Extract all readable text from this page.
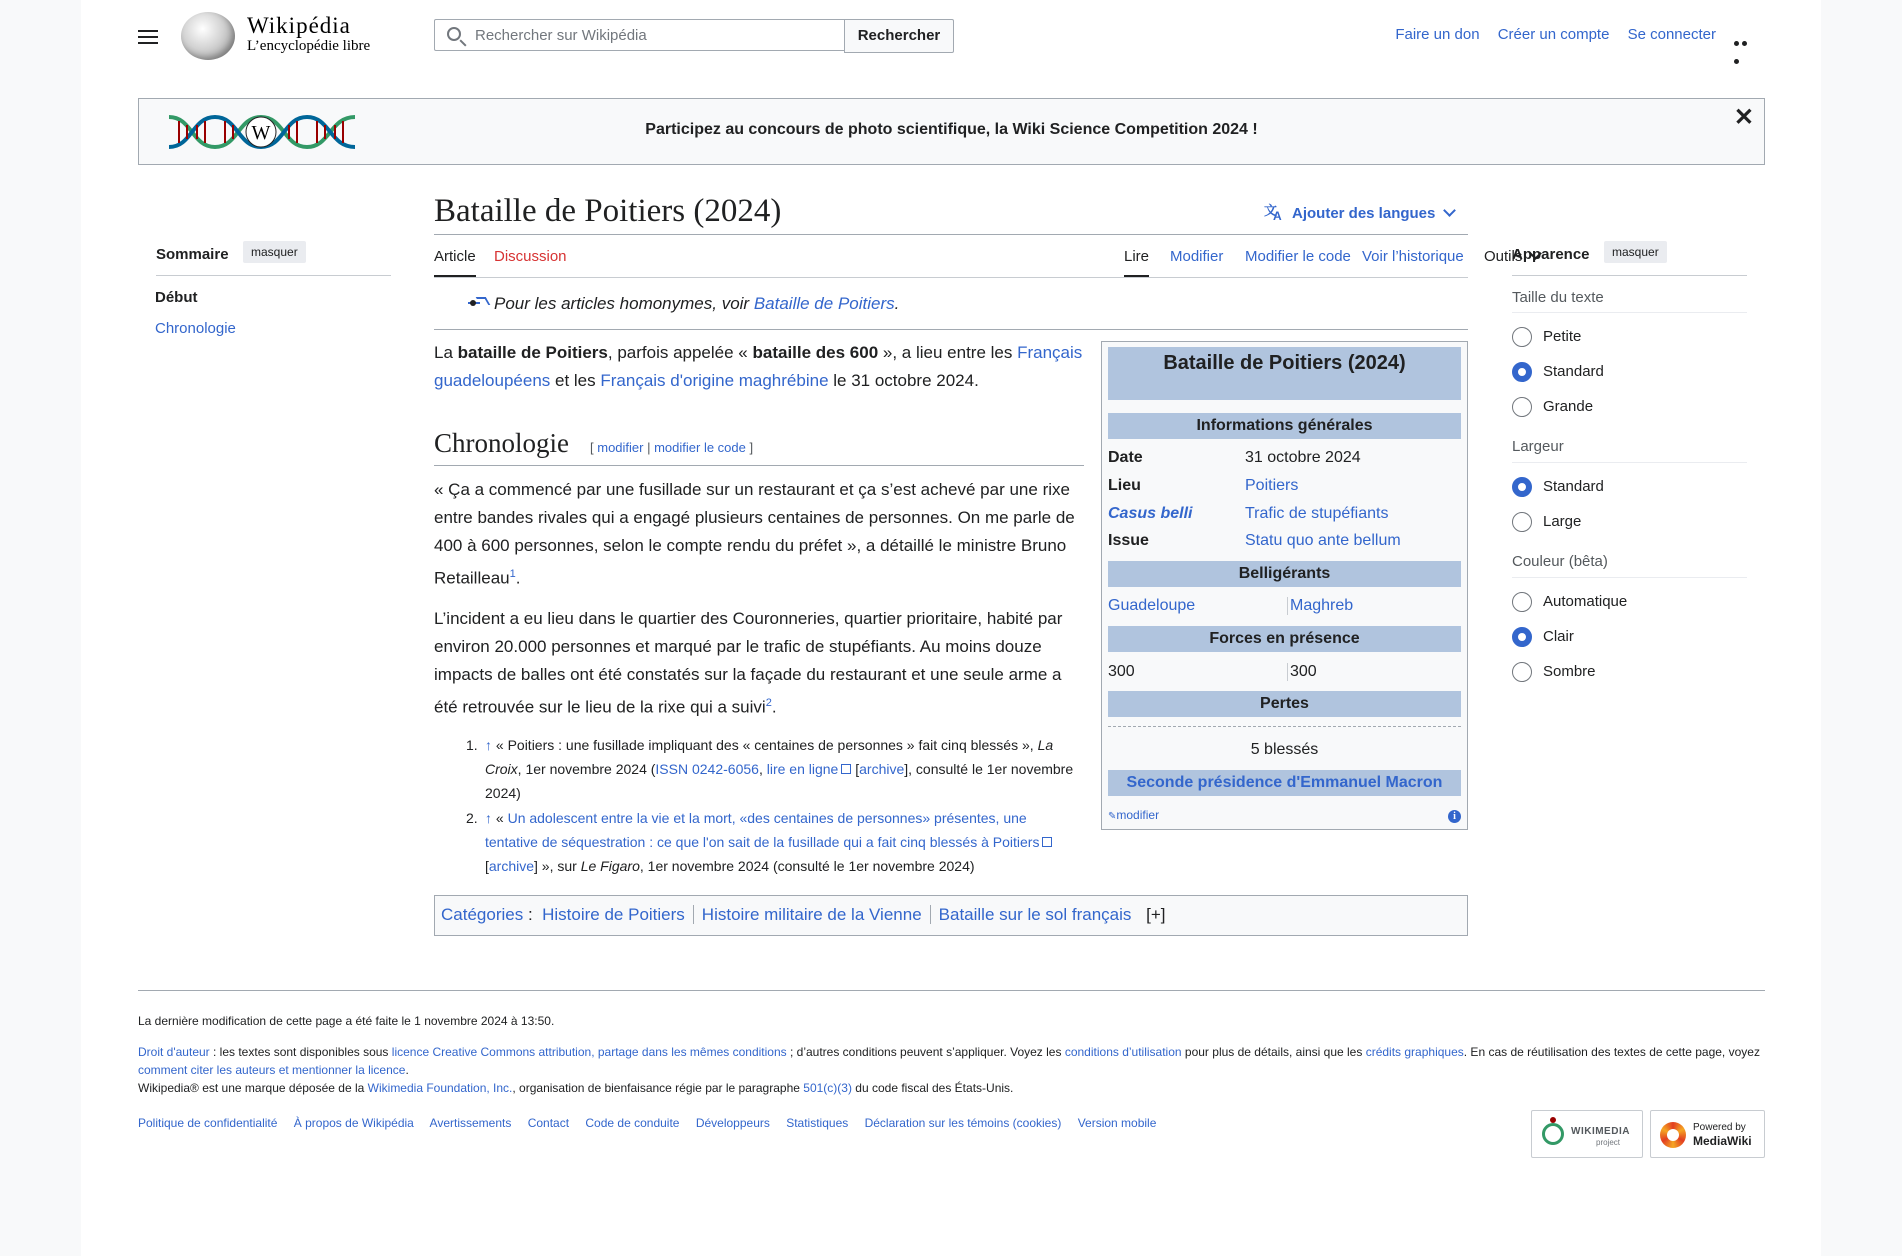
Wikipédia
L’encyclopédie libre
Rechercher sur Wikipédia
Rechercher	Faire un don Créer un compte Se connecter
W	Participez au concours de photo scientifique, la Wiki Science Competition 2024 !	✕
Sommaire	masquer
Début
Chronologie
Bataille de Poitiers (2024)	文
A Ajouter des langues
Article Discussion	Lire Modifier Modifier le code Voir l’historique Outils
Pour les articles homonymes, voir Bataille de Poitiers.
La bataille de Poitiers, parfois appelée « bataille des 600 », a lieu entre les Français guadeloupéens et les Français d'origine maghrébine le 31 octobre 2024.
Chronologie [ modifier | modifier le code ]
« Ça a commencé par une fusillade sur un restaurant et ça s’est achevé par une rixe entre bandes rivales qui a engagé plusieurs centaines de personnes. On me parle de 400 à 600 personnes, selon le compte rendu du préfet », a détaillé le ministre Bruno Retailleau$^1$.
L’incident a eu lieu dans le quartier des Couronneries, quartier prioritaire, habité par environ 20.000 personnes et marqué par le trafic de stupéfiants. Au moins douze impacts de balles ont été constatés sur la façade du restaurant et une seule arme a été retrouvée sur le lieu de la rixe qui a suivi$^2$.
1. ↑ « Poitiers : une fusillade impliquant des « centaines de personnes » fait cinq blessés », La Croix, 1er novembre 2024 (ISSN 0242-6056, lire en ligne [archive], consulté le 1er novembre 2024)
2. ↑ « Un adolescent entre la vie et la mort, «des centaines de personnes» présentes, une tentative de séquestration : ce que l'on sait de la fusillade qui a fait cinq blessés à Poitiers [archive] », sur Le Figaro, 1er novembre 2024 (consulté le 1er novembre 2024)
Catégories :  Histoire de Poitiers Histoire militaire de la Vienne Bataille sur le sol français [+]
Bataille de Poitiers (2024)
Informations générales
Date	31 octobre 2024
Lieu	Poitiers
Casus belli	Trafic de stupéfiants
Issue	Statu quo ante bellum
Belligérants
Guadeloupe	Maghreb
Forces en présence
300	300
Pertes
5 blessés
Seconde présidence d'Emmanuel Macron
✎modifier	i
Apparence	masquer
Taille du texte
Petite
Standard
Grande
Largeur
Standard
Large
Couleur (bêta)
Automatique
Clair
Sombre
La dernière modification de cette page a été faite le 1 novembre 2024 à 13:50.
Droit d'auteur : les textes sont disponibles sous licence Creative Commons attribution, partage dans les mêmes conditions ; d’autres conditions peuvent s’appliquer. Voyez les conditions d’utilisation pour plus de détails, ainsi que les crédits graphiques. En cas de réutilisation des textes de cette page, voyez comment citer les auteurs et mentionner la licence.
Wikipedia® est une marque déposée de la Wikimedia Foundation, Inc., organisation de bienfaisance régie par le paragraphe 501(c)(3) du code fiscal des États-Unis.
Politique de confidentialité À propos de Wikipédia Avertissements Contact Code de conduite Développeurs Statistiques Déclaration sur les témoins (cookies) Version mobile
WIKIMEDIA
project
Powered by
MediaWiki
